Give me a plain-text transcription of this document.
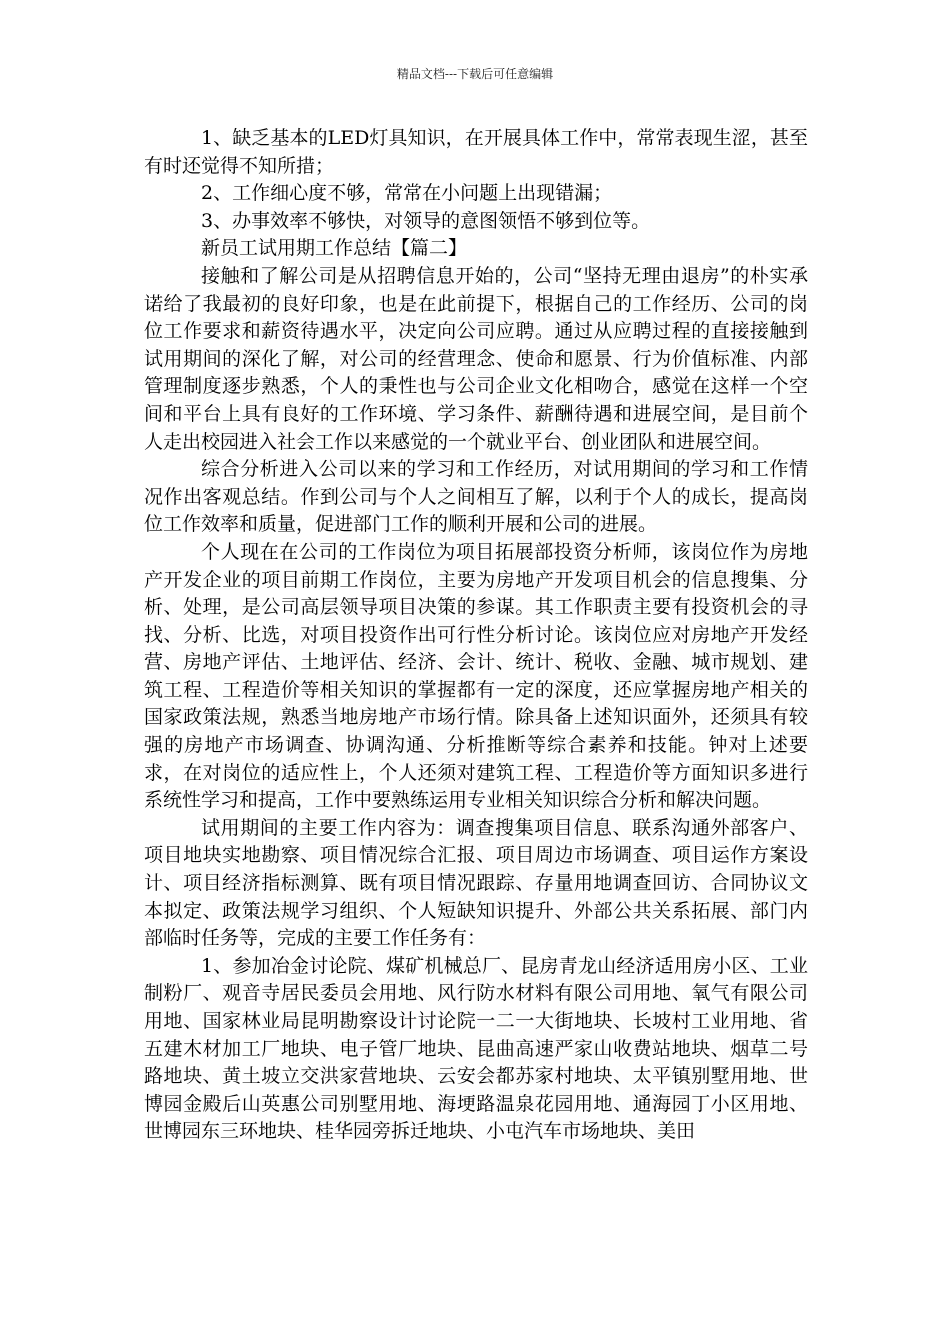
精品文档---下载后可任意编辑

1、缺乏基本的LED灯具知识，在开展具体工作中，常常表现生涩，甚至有时还觉得不知所措；

2、工作细心度不够，常常在小问题上出现错漏；

3、办事效率不够快，对领导的意图领悟不够到位等。

新员工试用期工作总结【篇二】

接触和了解公司是从招聘信息开始的，公司“坚持无理由退房”的朴实承诺给了我最初的良好印象，也是在此前提下，根据自己的工作经历、公司的岗位工作要求和薪资待遇水平，决定向公司应聘。通过从应聘过程的直接接触到试用期间的深化了解，对公司的经营理念、使命和愿景、行为价值标准、内部管理制度逐步熟悉，个人的秉性也与公司企业文化相吻合，感觉在这样一个空间和平台上具有良好的工作环境、学习条件、薪酬待遇和进展空间，是目前个人走出校园进入社会工作以来感觉的一个就业平台、创业团队和进展空间。

综合分析进入公司以来的学习和工作经历，对试用期间的学习和工作情况作出客观总结。作到公司与个人之间相互了解，以利于个人的成长，提高岗位工作效率和质量，促进部门工作的顺利开展和公司的进展。

个人现在在公司的工作岗位为项目拓展部投资分析师，该岗位作为房地产开发企业的项目前期工作岗位，主要为房地产开发项目机会的信息搜集、分析、处理，是公司高层领导项目决策的参谋。其工作职责主要有投资机会的寻找、分析、比选，对项目投资作出可行性分析讨论。该岗位应对房地产开发经营、房地产评估、土地评估、经济、会计、统计、税收、金融、城市规划、建筑工程、工程造价等相关知识的掌握都有一定的深度，还应掌握房地产相关的国家政策法规，熟悉当地房地产市场行情。除具备上述知识面外，还须具有较强的房地产市场调查、协调沟通、分析推断等综合素养和技能。钟对上述要求，在对岗位的适应性上，个人还须对建筑工程、工程造价等方面知识多进行系统性学习和提高，工作中要熟练运用专业相关知识综合分析和解决问题。

试用期间的主要工作内容为：调查搜集项目信息、联系沟通外部客户、项目地块实地勘察、项目情况综合汇报、项目周边市场调查、项目运作方案设计、项目经济指标测算、既有项目情况跟踪、存量用地调查回访、合同协议文本拟定、政策法规学习组织、个人短缺知识提升、外部公共关系拓展、部门内部临时任务等，完成的主要工作任务有：

1、参加冶金讨论院、煤矿机械总厂、昆房青龙山经济适用房小区、工业制粉厂、观音寺居民委员会用地、风行防水材料有限公司用地、氧气有限公司用地、国家林业局昆明勘察设计讨论院一二一大街地块、长坡村工业用地、省五建木材加工厂地块、电子管厂地块、昆曲高速严家山收费站地块、烟草二号路地块、黄土坡立交洪家营地块、云安会都苏家村地块、太平镇别墅用地、世博园金殿后山英惠公司别墅用地、海埂路温泉花园用地、通海园丁小区用地、世博园东三环地块、桂华园旁拆迁地块、小屯汽车市场地块、美田
